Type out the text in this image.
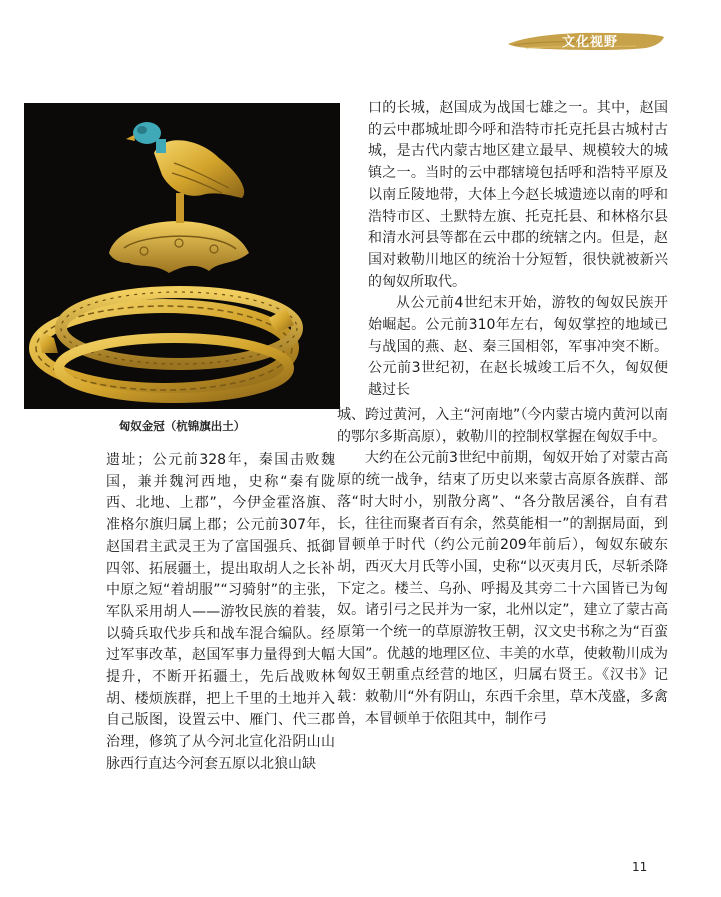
文化视野
匈奴金冠（杭锦旗出土）

口的长城，赵国成为战国七雄之一。其中，赵国的云中郡城址即今呼和浩特市托克托县古城村古城，是古代内蒙古地区建立最早、规模较大的城镇之一。当时的云中郡辖境包括呼和浩特平原及以南丘陵地带，大体上今赵长城遗迹以南的呼和浩特市区、土默特左旗、托克托县、和林格尔县和清水河县等都在云中郡的统辖之内。但是，赵国对敕勒川地区的统治十分短暂，很快就被新兴的匈奴所取代。

从公元前4世纪末开始，游牧的匈奴民族开始崛起。公元前310年左右，匈奴掌控的地域已与战国的燕、赵、秦三国相邻，军事冲突不断。公元前3世纪初，在赵长城竣工后不久，匈奴便越过长

城、跨过黄河，入主“河南地”（今内蒙古境内黄河以南的鄂尔多斯高原），敕勒川的控制权掌握在匈奴手中。

大约在公元前3世纪中前期，匈奴开始了对蒙古高原的统一战争，结束了历史以来蒙古高原各族群、部落“时大时小，别散分离”、“各分散居溪谷，自有君长，往往而聚者百有余，然莫能相一”的割据局面，到冒顿单于时代（约公元前209年前后），匈奴东破东胡，西灭大月氏等小国，史称“以灭夷月氏，尽斩杀降下定之。楼兰、乌孙、呼揭及其旁二十六国皆已为匈奴。诸引弓之民并为一家，北州以定”，建立了蒙古高原第一个统一的草原游牧王朝，汉文史书称之为“百蛮大国”。优越的地理区位、丰美的水草，使敕勒川成为匈奴王朝重点经营的地区，归属右贤王。《汉书》记载：敕勒川“外有阴山，东西千余里，草木茂盛，多禽兽，本冒顿单于依阻其中，制作弓

遗址；公元前328年，秦国击败魏国，兼并魏河西地，史称“秦有陇西、北地、上郡”，今伊金霍洛旗、准格尔旗归属上郡；公元前307年，赵国君主武灵王为了富国强兵、抵御四邻、拓展疆土，提出取胡人之长补中原之短“着胡服”“习骑射”的主张，军队采用胡人——游牧民族的着装，以骑兵取代步兵和战车混合编队。经过军事改革，赵国军事力量得到大幅提升，不断开拓疆土，先后战败林胡、楼烦族群，把上千里的土地并入自己版图，设置云中、雁门、代三郡治理，修筑了从今河北宣化沿阴山山脉西行直达今河套五原以北狼山缺

11
